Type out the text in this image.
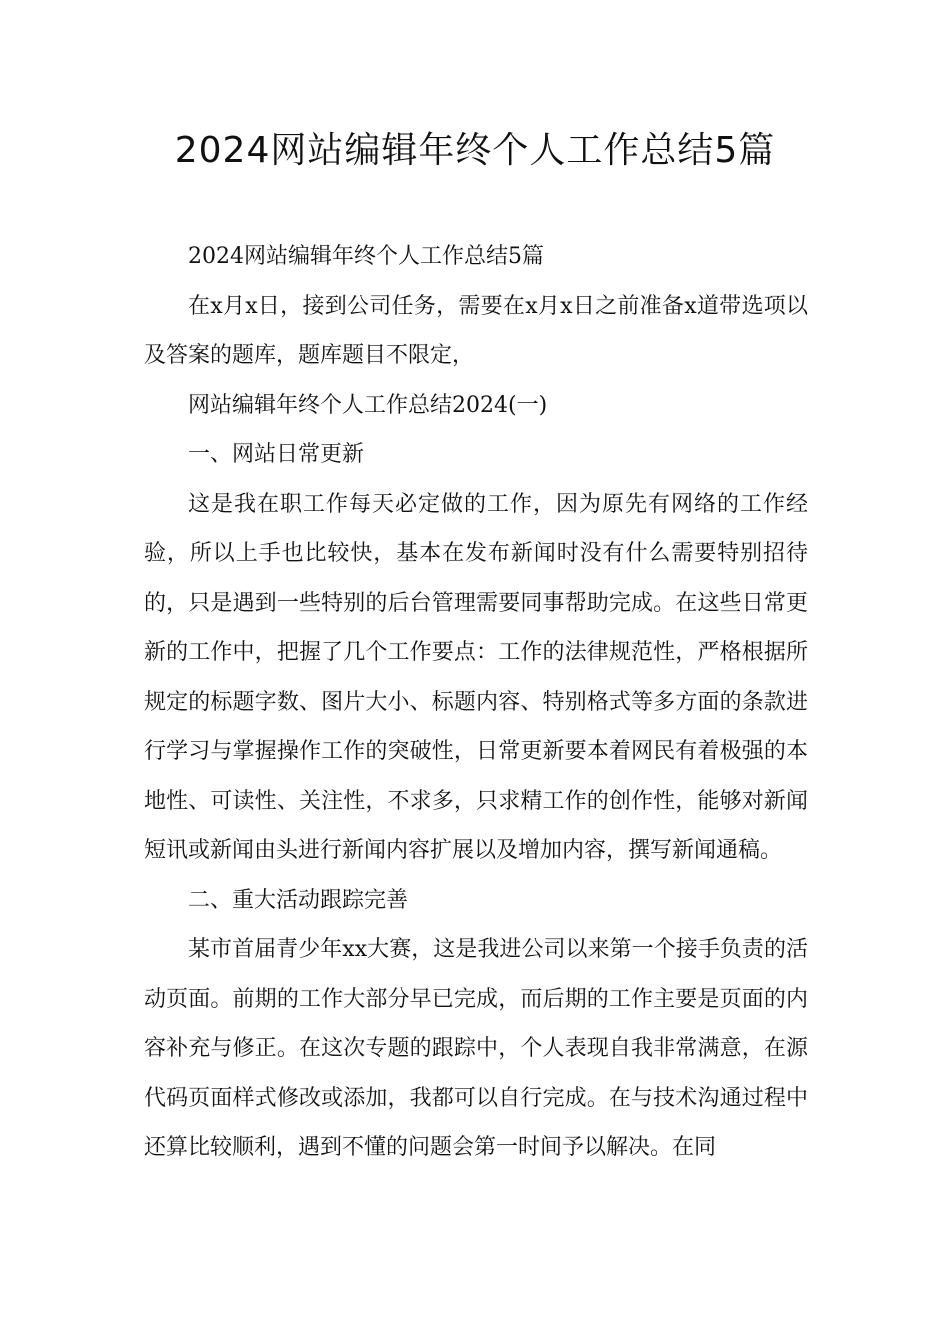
2024网站编辑年终个人工作总结5篇

2024网站编辑年终个人工作总结5篇

在x月x日，接到公司任务，需要在x月x日之前准备x道带选项以及答案的题库，题库题目不限定，

网站编辑年终个人工作总结2024(一)

一、网站日常更新

这是我在职工作每天必定做的工作，因为原先有网络的工作经验，所以上手也比较快，基本在发布新闻时没有什么需要特别招待的，只是遇到一些特别的后台管理需要同事帮助完成。在这些日常更新的工作中，把握了几个工作要点：工作的法律规范性，严格根据所规定的标题字数、图片大小、标题内容、特别格式等多方面的条款进行学习与掌握操作工作的突破性，日常更新要本着网民有着极强的本地性、可读性、关注性，不求多，只求精工作的创作性，能够对新闻短讯或新闻由头进行新闻内容扩展以及增加内容，撰写新闻通稿。

二、重大活动跟踪完善

某市首届青少年xx大赛，这是我进公司以来第一个接手负责的活动页面。前期的工作大部分早已完成，而后期的工作主要是页面的内容补充与修正。在这次专题的跟踪中，个人表现自我非常满意，在源代码页面样式修改或添加，我都可以自行完成。在与技术沟通过程中还算比较顺利，遇到不懂的问题会第一时间予以解决。在同
